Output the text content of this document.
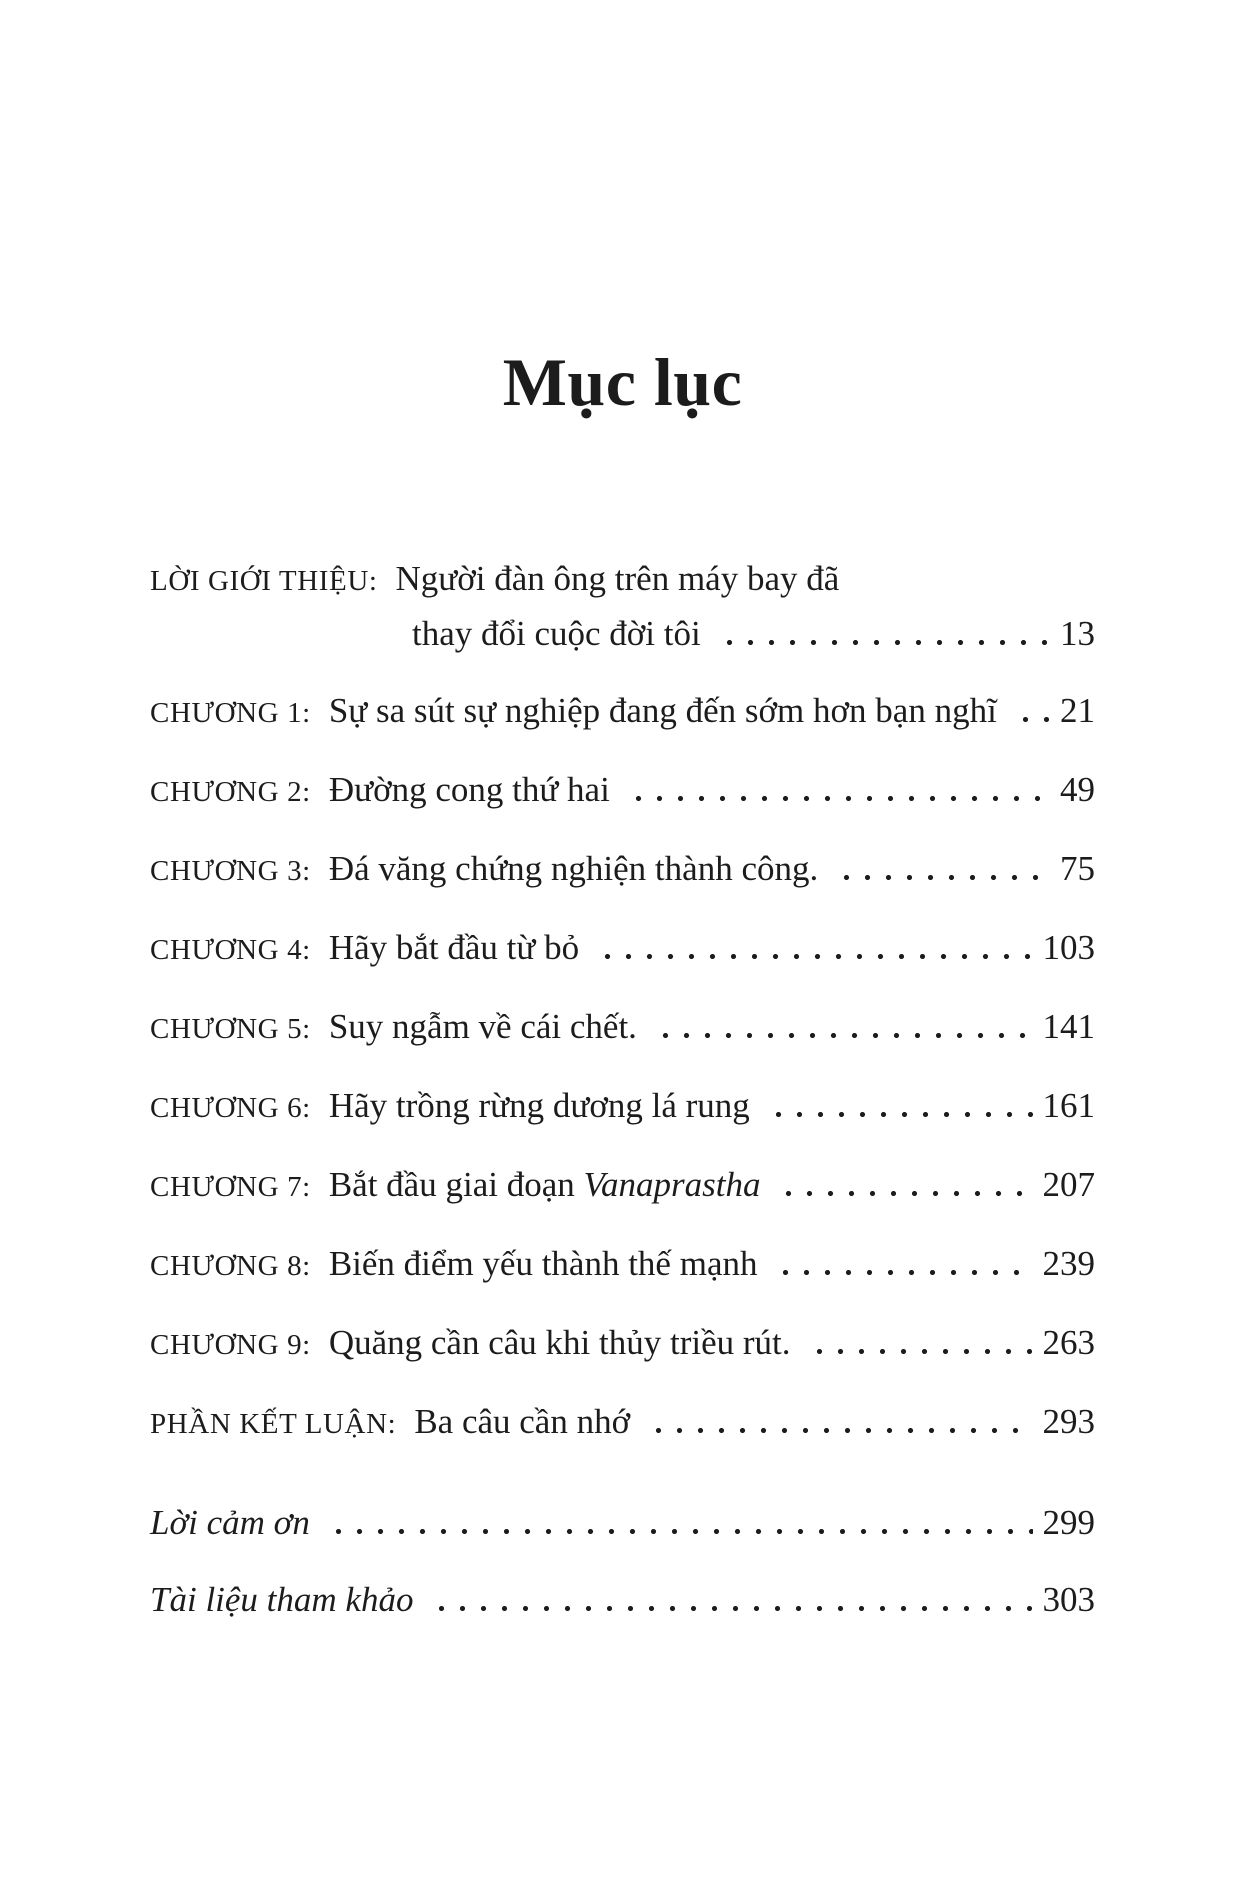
Mục lục
LỜI GIỚI THIỆU: Người đàn ông trên máy bay đã
thay đổi cuộc đời tôi	13
CHƯƠNG 1: Sự sa sút sự nghiệp đang đến sớm hơn bạn nghĩ 21
CHƯƠNG 2: Đường cong thứ hai	49
CHƯƠNG 3: Đá văng chứng nghiện thành công.	75
CHƯƠNG 4: Hãy bắt đầu từ bỏ	103
CHƯƠNG 5: Suy ngẫm về cái chết.	141
CHƯƠNG 6: Hãy trồng rừng dương lá rung	161
CHƯƠNG 7: Bắt đầu giai đoạn Vanaprastha	207
CHƯƠNG 8: Biến điểm yếu thành thế mạnh	239
CHƯƠNG 9: Quăng cần câu khi thủy triều rút.	263
PHẦN KẾT LUẬN: Ba câu cần nhớ	293
Lời cảm ơn	299
Tài liệu tham khảo	303
